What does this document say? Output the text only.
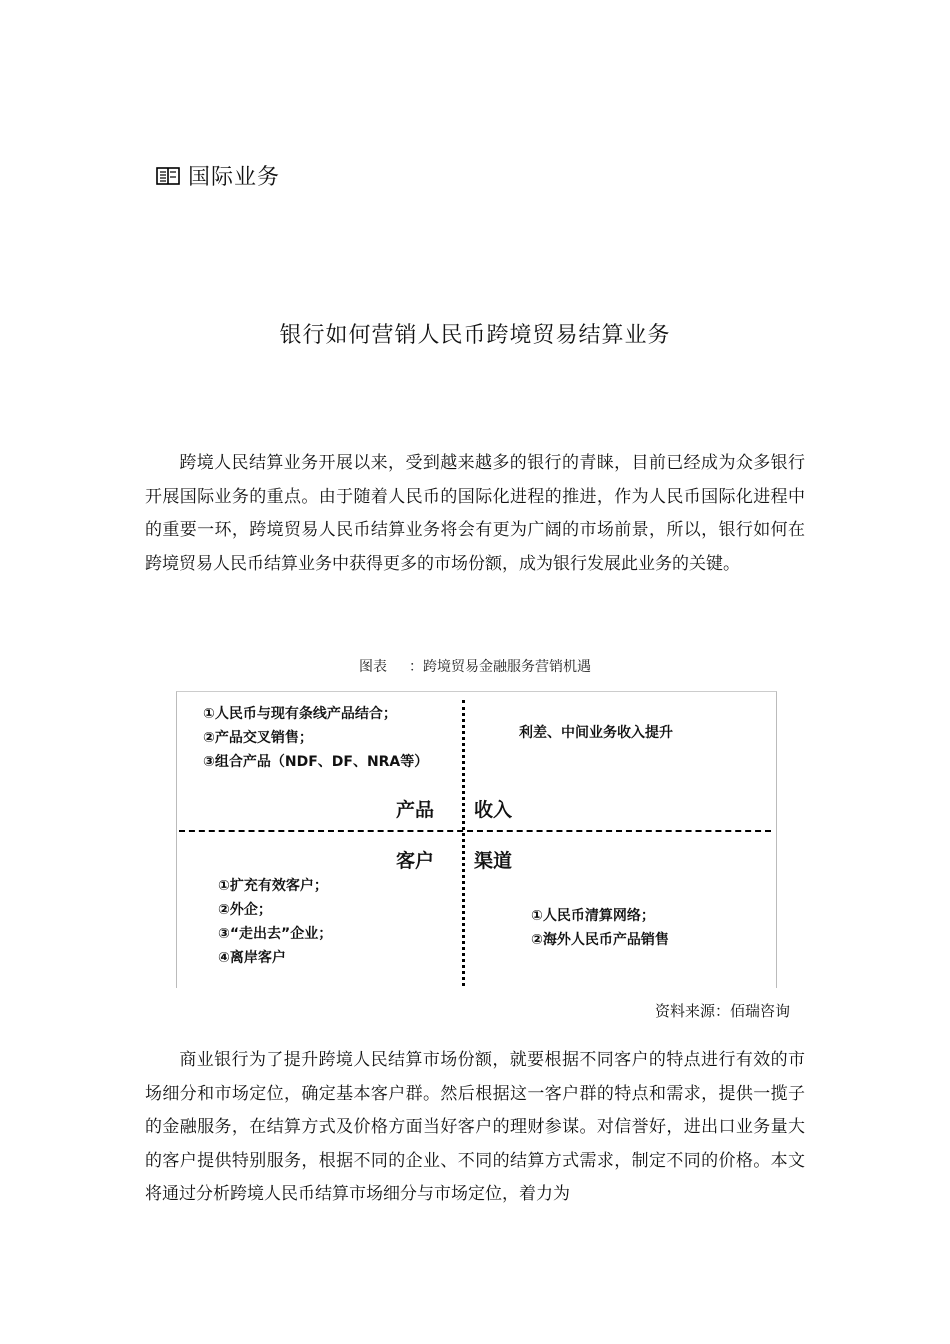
国际业务
银行如何营销人民币跨境贸易结算业务

跨境人民结算业务开展以来，受到越来越多的银行的青睐，目前已经成为众多银行开展国际业务的重点。由于随着人民币的国际化进程的推进，作为人民币国际化进程中的重要一环，跨境贸易人民币结算业务将会有更为广阔的市场前景，所以，银行如何在跨境贸易人民币结算业务中获得更多的市场份额，成为银行发展此业务的关键。

图表 ：跨境贸易金融服务营销机遇
①人民币与现有条线产品结合；
②产品交叉销售；
③组合产品（NDF、DF、NRA等）
产品
利差、中间业务收入提升
收入
客户
①扩充有效客户；
②外企；
③“走出去”企业；
④离岸客户
渠道
①人民币清算网络；
②海外人民币产品销售
资料来源：佰瑞咨询

商业银行为了提升跨境人民结算市场份额，就要根据不同客户的特点进行有效的市场细分和市场定位，确定基本客户群。然后根据这一客户群的特点和需求，提供一揽子的金融服务，在结算方式及价格方面当好客户的理财参谋。对信誉好，进出口业务量大的客户提供特别服务，根据不同的企业、不同的结算方式需求，制定不同的价格。本文将通过分析跨境人民币结算市场细分与市场定位，着力为
